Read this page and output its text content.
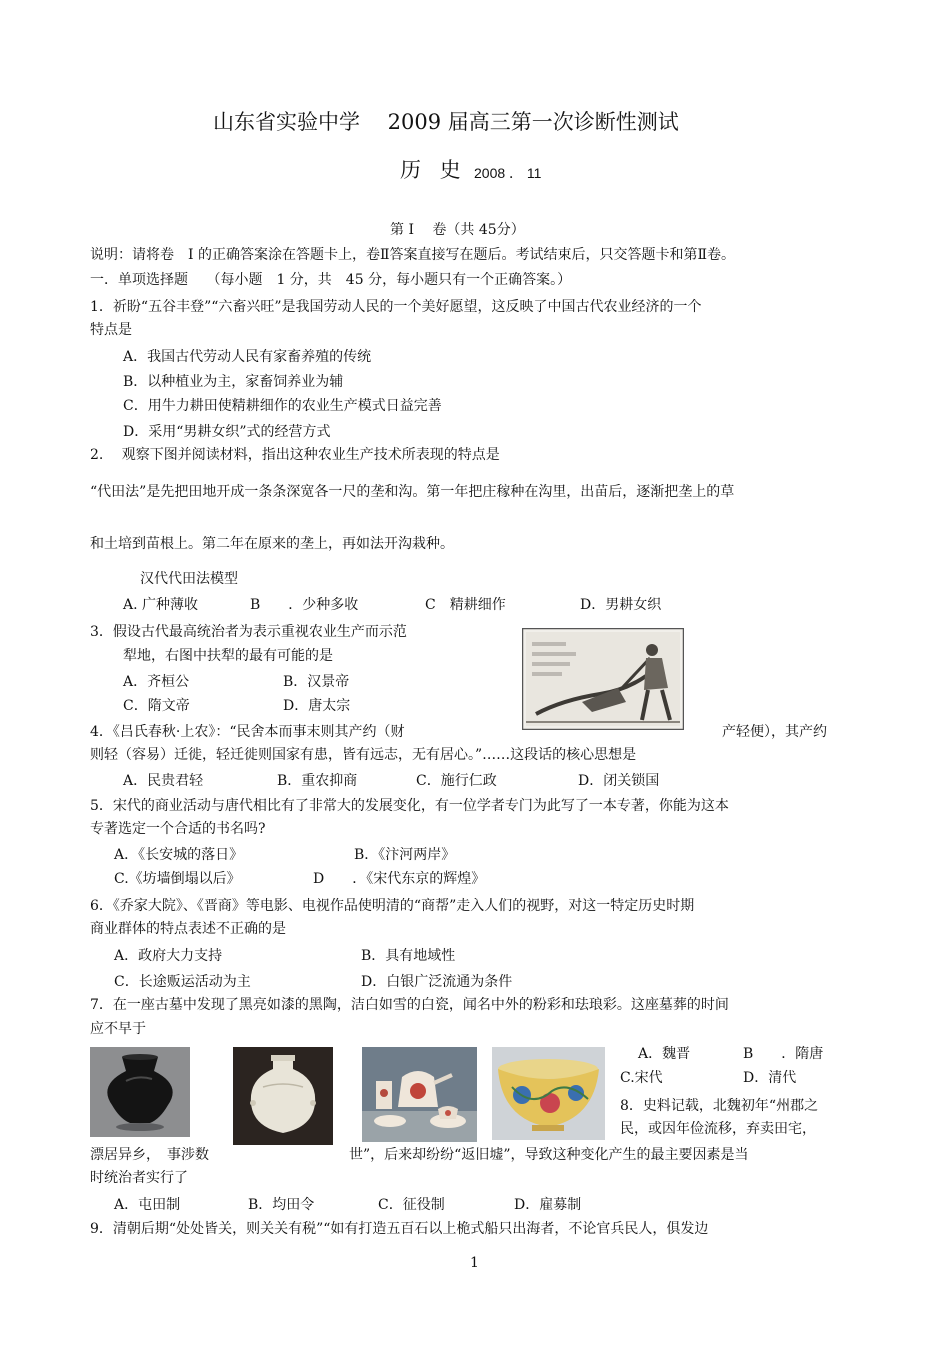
山东省实验中学　 2009 届高三第一次诊断性测试
历 史 2008 ． 11
第 Ⅰ　 卷（共 45分）
说明：请将卷　Ⅰ 的正确答案涂在答题卡上，卷Ⅱ答案直接写在题后。考试结束后，只交答题卡和第Ⅱ卷。
一．单项选择题　 （每小题　1 分，共　45 分，每小题只有一个正确答案。）
1．祈盼“五谷丰登”“六畜兴旺”是我国劳动人民的一个美好愿望，这反映了中国古代农业经济的一个
特点是
A．我国古代劳动人民有家畜养殖的传统
B．以种植业为主，家畜饲养业为辅
C．用牛力耕田使精耕细作的农业生产模式日益完善
D．采用“男耕女织”式的经营方式
2.　 观察下图并阅读材料，指出这种农业生产技术所表现的特点是
“代田法”是先把田地开成一条条深宽各一尺的垄和沟。第一年把庄稼种在沟里，出苗后，逐渐把垄上的草
和土培到苗根上。第二年在原来的垄上，再如法开沟栽种。
汉代代田法模型
A. 广种薄收	B　　．少种多收	C　精耕细作	D．男耕女织
3．假设古代最高统治者为表示重视农业生产而示范
犁地，右图中扶犁的最有可能的是
A．齐桓公	B．汉景帝
C．隋文帝	D．唐太宗
4．《吕氏春秋·上农》：“民舍本而事末则其产约（财	产轻便），其产约
则轻（容易）迁徙，轻迁徙则国家有患，皆有远志，无有居心。”……这段话的核心思想是
A．民贵君轻	B．重农抑商	C．施行仁政	D．闭关锁国
5．宋代的商业活动与唐代相比有了非常大的发展变化，有一位学者专门为此写了一本专著，你能为这本
专著选定一个合适的书名吗?
A．《长安城的落日》	B．《汴河两岸》
C.《坊墙倒塌以后》	D　　．《宋代东京的辉煌》
6．《乔家大院》、《晋商》等电影、电视作品使明清的“商帮”走入人们的视野，对这一特定历史时期
商业群体的特点表述不正确的是
A．政府大力支持	B．具有地域性
C．长途贩运活动为主	D．白银广泛流通为条件
7．在一座古墓中发现了黑亮如漆的黑陶，洁白如雪的白瓷，闻名中外的粉彩和珐琅彩。这座墓葬的时间
应不早于
A．魏晋	B　　．隋唐
C.宋代	D．清代
8．史料记载，北魏初年“州郡之
民，或因年俭流移，弃卖田宅，
漂居异乡，　事涉数	世”，后来却纷纷“返旧墟”，导致这种变化产生的最主要因素是当
时统治者实行了
A．屯田制	B．均田令	C．征役制	D．雇募制
9．清朝后期“处处皆关，则关关有税”“如有打造五百石以上桅式船只出海者，不论官兵民人，俱发边
1
